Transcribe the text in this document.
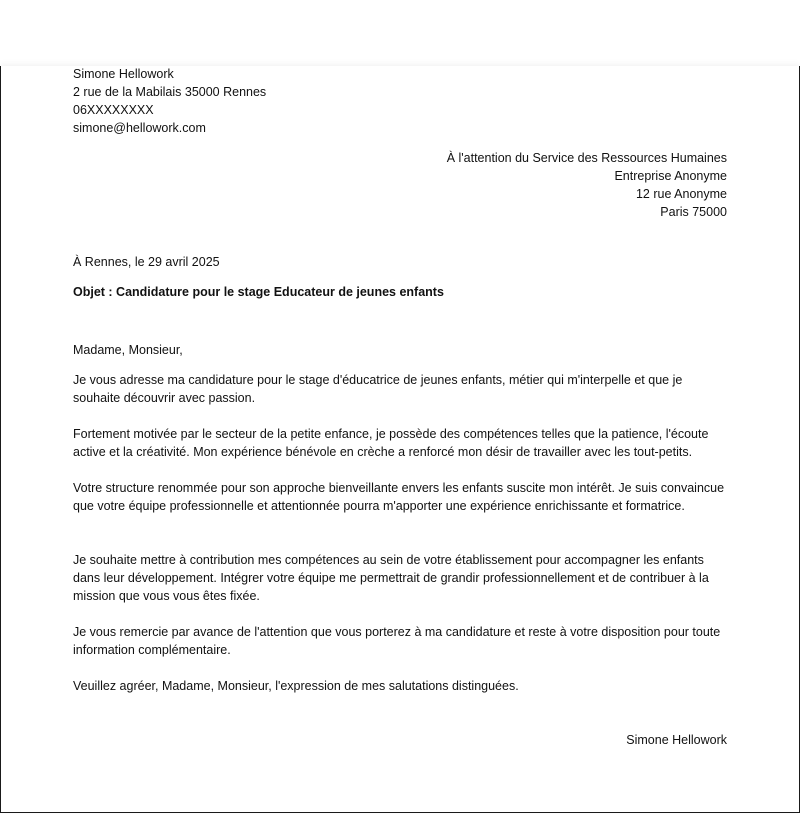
Simone Hellowork
2 rue de la Mabilais 35000 Rennes
06XXXXXXXX
simone@hellowork.com
À l'attention du Service des Ressources Humaines
Entreprise Anonyme
12 rue Anonyme
Paris 75000
À Rennes, le 29 avril 2025
Objet : Candidature pour le stage Educateur de jeunes enfants
Madame, Monsieur,
Je vous adresse ma candidature pour le stage d'éducatrice de jeunes enfants, métier qui m'interpelle et que je souhaite découvrir avec passion.
Fortement motivée par le secteur de la petite enfance, je possède des compétences telles que la patience, l'écoute active et la créativité. Mon expérience bénévole en crèche a renforcé mon désir de travailler avec les tout-petits.
Votre structure renommée pour son approche bienveillante envers les enfants suscite mon intérêt. Je suis convaincue que votre équipe professionnelle et attentionnée pourra m'apporter une expérience enrichissante et formatrice.
Je souhaite mettre à contribution mes compétences au sein de votre établissement pour accompagner les enfants dans leur développement. Intégrer votre équipe me permettrait de grandir professionnellement et de contribuer à la mission que vous vous êtes fixée.
Je vous remercie par avance de l'attention que vous porterez à ma candidature et reste à votre disposition pour toute information complémentaire.
Veuillez agréer, Madame, Monsieur, l'expression de mes salutations distinguées.
Simone Hellowork
